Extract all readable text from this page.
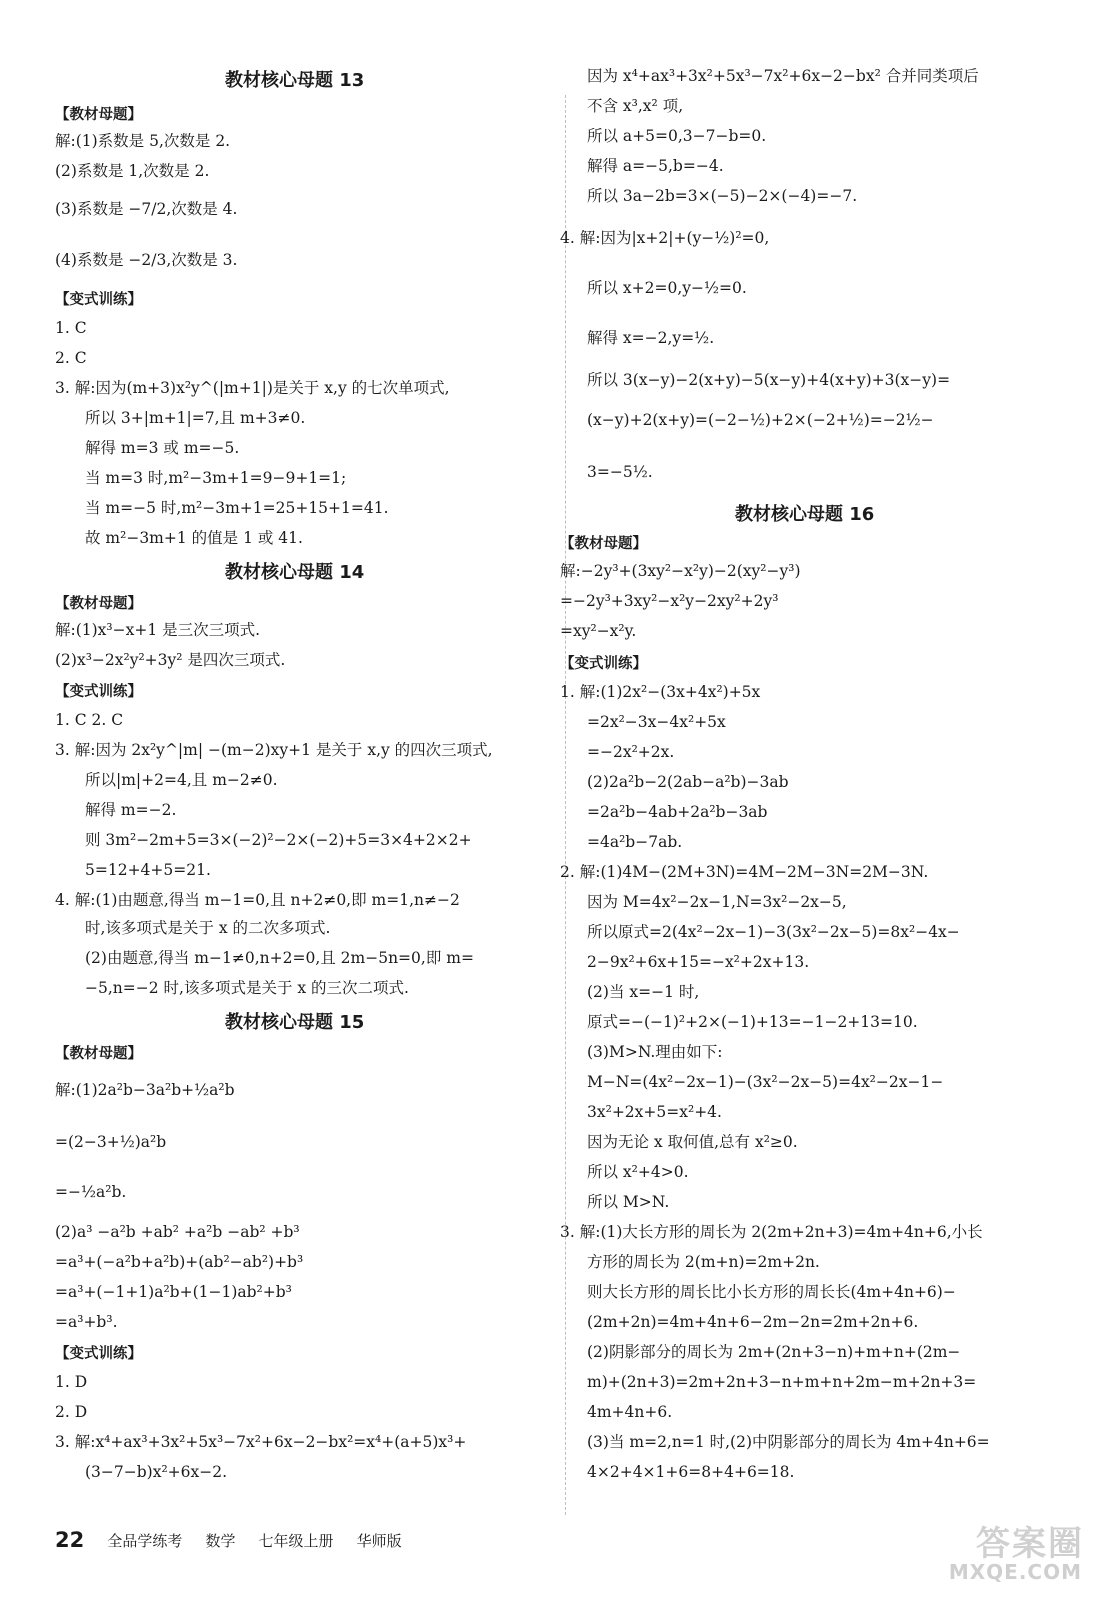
教材核心母题 13
【教材母题】
解:(1)系数是 5,次数是 2.
(2)系数是 1,次数是 2.
(3)系数是 −7/2,次数是 4.
(4)系数是 −2/3,次数是 3.
【变式训练】
1. C
2. C
3. 解:因为(m+3)x²y^(|m+1|)是关于 x,y 的七次单项式,
所以 3+|m+1|=7,且 m+3≠0.
解得 m=3 或 m=−5.
当 m=3 时,m²−3m+1=9−9+1=1;
当 m=−5 时,m²−3m+1=25+15+1=41.
故 m²−3m+1 的值是 1 或 41.
教材核心母题 14
【教材母题】
解:(1)x³−x+1 是三次三项式.
(2)x³−2x²y²+3y² 是四次三项式.
【变式训练】
1. C 2. C
3. 解:因为 2x²y^|m| −(m−2)xy+1 是关于 x,y 的四次三项式,
所以|m|+2=4,且 m−2≠0.
解得 m=−2.
则 3m²−2m+5=3×(−2)²−2×(−2)+5=3×4+2×2+
5=12+4+5=21.
4. 解:(1)由题意,得当 m−1=0,且 n+2≠0,即 m=1,n≠−2
时,该多项式是关于 x 的二次多项式.
(2)由题意,得当 m−1≠0,n+2=0,且 2m−5n=0,即 m=
−5,n=−2 时,该多项式是关于 x 的三次二项式.
教材核心母题 15
【教材母题】
解:(1)2a²b−3a²b+½a²b
=(2−3+½)a²b
=−½a²b.
(2)a³ −a²b +ab² +a²b −ab² +b³
=a³+(−a²b+a²b)+(ab²−ab²)+b³
=a³+(−1+1)a²b+(1−1)ab²+b³
=a³+b³.
【变式训练】
1. D
2. D
3. 解:x⁴+ax³+3x²+5x³−7x²+6x−2−bx²=x⁴+(a+5)x³+
(3−7−b)x²+6x−2.
因为 x⁴+ax³+3x²+5x³−7x²+6x−2−bx² 合并同类项后
不含 x³,x² 项,
所以 a+5=0,3−7−b=0.
解得 a=−5,b=−4.
所以 3a−2b=3×(−5)−2×(−4)=−7.
4. 解:因为|x+2|+(y−½)²=0,
所以 x+2=0,y−½=0.
解得 x=−2,y=½.
所以 3(x−y)−2(x+y)−5(x−y)+4(x+y)+3(x−y)=
(x−y)+2(x+y)=(−2−½)+2×(−2+½)=−2½−
3=−5½.
教材核心母题 16
【教材母题】
解:−2y³+(3xy²−x²y)−2(xy²−y³)
=−2y³+3xy²−x²y−2xy²+2y³
=xy²−x²y.
【变式训练】
1. 解:(1)2x²−(3x+4x²)+5x
=2x²−3x−4x²+5x
=−2x²+2x.
(2)2a²b−2(2ab−a²b)−3ab
=2a²b−4ab+2a²b−3ab
=4a²b−7ab.
2. 解:(1)4M−(2M+3N)=4M−2M−3N=2M−3N.
因为 M=4x²−2x−1,N=3x²−2x−5,
所以原式=2(4x²−2x−1)−3(3x²−2x−5)=8x²−4x−
2−9x²+6x+15=−x²+2x+13.
(2)当 x=−1 时,
原式=−(−1)²+2×(−1)+13=−1−2+13=10.
(3)M>N.理由如下:
M−N=(4x²−2x−1)−(3x²−2x−5)=4x²−2x−1−
3x²+2x+5=x²+4.
因为无论 x 取何值,总有 x²≥0.
所以 x²+4>0.
所以 M>N.
3. 解:(1)大长方形的周长为 2(2m+2n+3)=4m+4n+6,小长
方形的周长为 2(m+n)=2m+2n.
则大长方形的周长比小长方形的周长长(4m+4n+6)−
(2m+2n)=4m+4n+6−2m−2n=2m+2n+6.
(2)阴影部分的周长为 2m+(2n+3−n)+m+n+(2m−
m)+(2n+3)=2m+2n+3−n+m+n+2m−m+2n+3=
4m+4n+6.
(3)当 m=2,n=1 时,(2)中阴影部分的周长为 4m+4n+6=
4×2+4×1+6=8+4+6=18.
22 全品学练考 数学 七年级上册 华师版	答案圈
MXQE.COM
